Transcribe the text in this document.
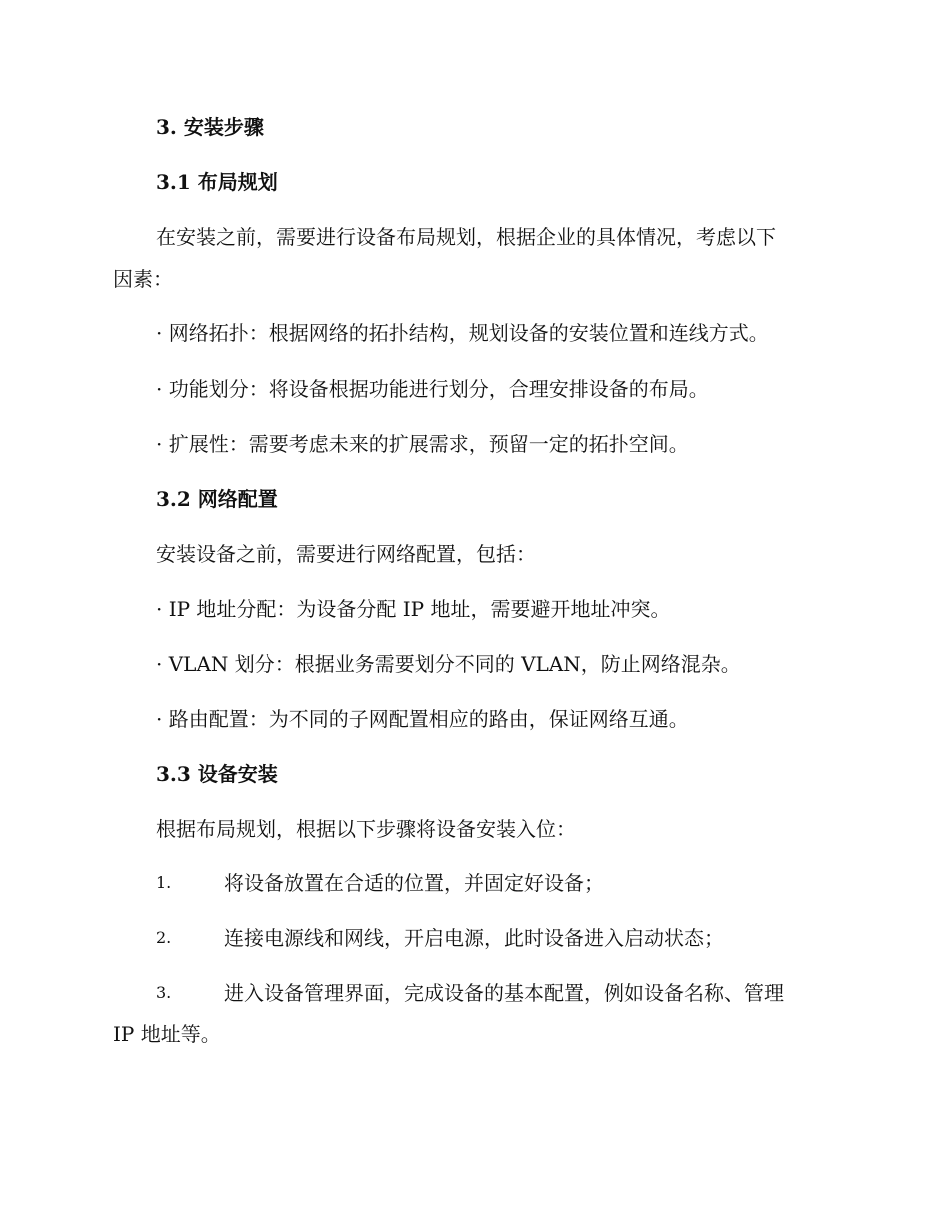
3. 安装步骤
3.1 布局规划
在安装之前，需要进行设备布局规划，根据企业的具体情况，考虑以下
因素：
· 网络拓扑：根据网络的拓扑结构，规划设备的安装位置和连线方式。
· 功能划分：将设备根据功能进行划分，合理安排设备的布局。
· 扩展性：需要考虑未来的扩展需求，预留一定的拓扑空间。
3.2 网络配置
安装设备之前，需要进行网络配置，包括：
· IP 地址分配：为设备分配 IP 地址，需要避开地址冲突。
· VLAN 划分：根据业务需要划分不同的 VLAN，防止网络混杂。
· 路由配置：为不同的子网配置相应的路由，保证网络互通。
3.3 设备安装
根据布局规划，根据以下步骤将设备安装入位：
1.	将设备放置在合适的位置，并固定好设备；
2.	连接电源线和网线，开启电源，此时设备进入启动状态；
3.	进入设备管理界面，完成设备的基本配置，例如设备名称、管理
IP 地址等。
